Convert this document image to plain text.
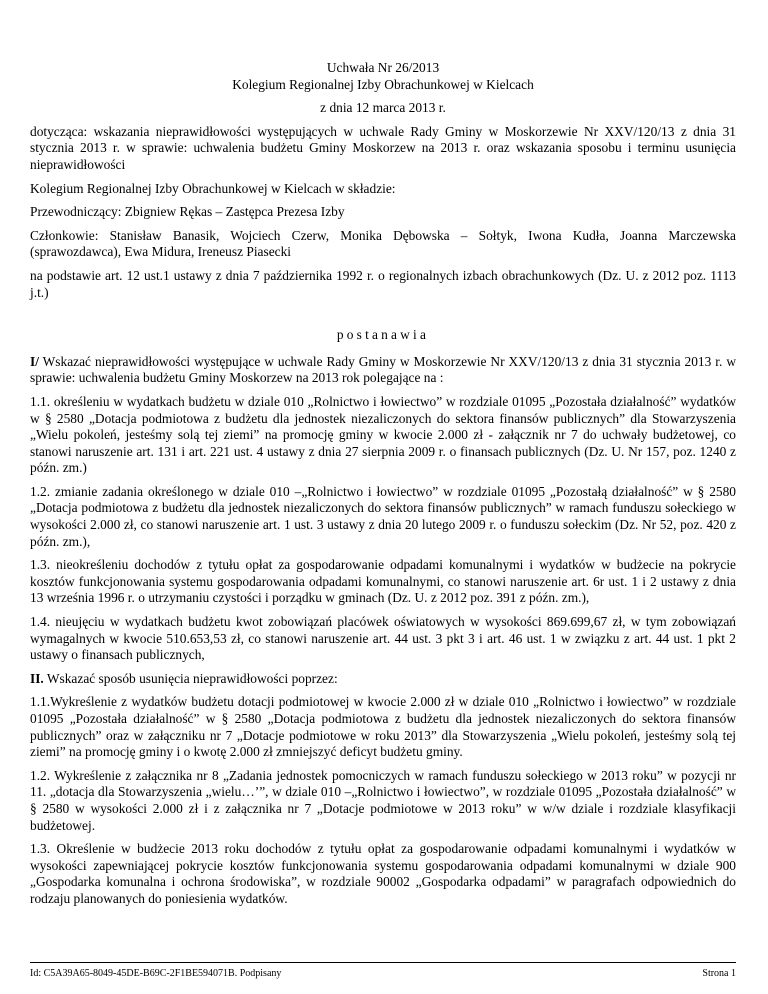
Uchwała Nr 26/2013
Kolegium Regionalnej Izby Obrachunkowej w Kielcach
z dnia 12 marca 2013 r.

dotycząca: wskazania nieprawidłowości występujących w uchwale Rady Gminy w Moskorzewie Nr XXV/120/13 z dnia 31 stycznia 2013 r. w sprawie: uchwalenia budżetu Gminy Moskorzew na 2013 r. oraz wskazania sposobu i terminu usunięcia nieprawidłowości

Kolegium Regionalnej Izby Obrachunkowej w Kielcach w składzie:

Przewodniczący: Zbigniew Rękas – Zastępca Prezesa Izby

Członkowie: Stanisław Banasik, Wojciech Czerw, Monika Dębowska – Sołtyk, Iwona Kudła, Joanna Marczewska (sprawozdawca), Ewa Midura, Ireneusz Piasecki

na podstawie art. 12 ust.1 ustawy z dnia 7 października 1992 r. o regionalnych izbach obrachunkowych (Dz. U. z 2012 poz. 1113 j.t.)

postanawia

I/ Wskazać nieprawidłowości występujące w uchwale Rady Gminy w Moskorzewie Nr XXV/120/13 z dnia 31 stycznia 2013 r. w sprawie: uchwalenia budżetu Gminy Moskorzew na 2013 rok polegające na :

1.1. określeniu w wydatkach budżetu w dziale 010 „Rolnictwo i łowiectwo” w rozdziale 01095 „Pozostała działalność” wydatków w § 2580 „Dotacja podmiotowa z budżetu dla jednostek niezaliczonych do sektora finansów publicznych” dla Stowarzyszenia „Wielu pokoleń, jesteśmy solą tej ziemi” na promocję gminy w kwocie 2.000 zł - załącznik nr 7 do uchwały budżetowej, co stanowi naruszenie art. 131 i art. 221 ust. 4 ustawy z dnia 27 sierpnia 2009 r. o finansach publicznych (Dz. U. Nr 157, poz. 1240 z późn. zm.)

1.2. zmianie zadania określonego w dziale 010 –„Rolnictwo i łowiectwo” w rozdziale 01095 „Pozostałą działalność” w § 2580 „Dotacja podmiotowa z budżetu dla jednostek niezaliczonych do sektora finansów publicznych” w ramach funduszu sołeckiego w wysokości 2.000 zł, co stanowi naruszenie art. 1 ust. 3 ustawy z dnia 20 lutego 2009 r. o funduszu sołeckim (Dz. Nr 52, poz. 420 z późn. zm.),

1.3. nieokreśleniu dochodów z tytułu opłat za gospodarowanie odpadami komunalnymi i wydatków w budżecie na pokrycie kosztów funkcjonowania systemu gospodarowania odpadami komunalnymi, co stanowi naruszenie art. 6r ust. 1 i 2 ustawy z dnia 13 września 1996 r. o utrzymaniu czystości i porządku w gminach (Dz. U. z 2012 poz. 391 z późn. zm.),

1.4. nieujęciu w wydatkach budżetu kwot zobowiązań placówek oświatowych w wysokości 869.699,67 zł, w tym zobowiązań wymagalnych w kwocie 510.653,53 zł, co stanowi naruszenie art. 44 ust. 3 pkt 3 i art. 46 ust. 1 w związku z art. 44 ust. 1 pkt 2 ustawy o finansach publicznych,

II. Wskazać sposób usunięcia nieprawidłowości poprzez:

1.1.Wykreślenie z wydatków budżetu dotacji podmiotowej w kwocie 2.000 zł w dziale 010 „Rolnictwo i łowiectwo” w rozdziale 01095 „Pozostała działalność” w § 2580 „Dotacja podmiotowa z budżetu dla jednostek niezaliczonych do sektora finansów publicznych” oraz w załączniku nr 7 „Dotacje podmiotowe w roku 2013” dla Stowarzyszenia „Wielu pokoleń, jesteśmy solą tej ziemi” na promocję gminy i o kwotę 2.000 zł zmniejszyć deficyt budżetu gminy.

1.2. Wykreślenie z załącznika nr 8 „Zadania jednostek pomocniczych w ramach funduszu sołeckiego w 2013 roku” w pozycji nr 11. „dotacja dla Stowarzyszenia „wielu…’”, w dziale 010 –„Rolnictwo i łowiectwo”, w rozdziale 01095 „Pozostała działalność” w § 2580 w wysokości 2.000 zł i z załącznika nr 7 „Dotacje podmiotowe w 2013 roku” w w/w dziale i rozdziale klasyfikacji budżetowej.

1.3. Określenie w budżecie 2013 roku dochodów z tytułu opłat za gospodarowanie odpadami komunalnymi i wydatków w wysokości zapewniającej pokrycie kosztów funkcjonowania systemu gospodarowania odpadami komunalnymi w dziale 900 „Gospodarka komunalna i ochrona środowiska”, w rozdziale 90002 „Gospodarka odpadami” w paragrafach odpowiednich do rodzaju planowanych do poniesienia wydatków.

Id: C5A39A65-8049-45DE-B69C-2F1BE594071B. Podpisany	Strona 1
